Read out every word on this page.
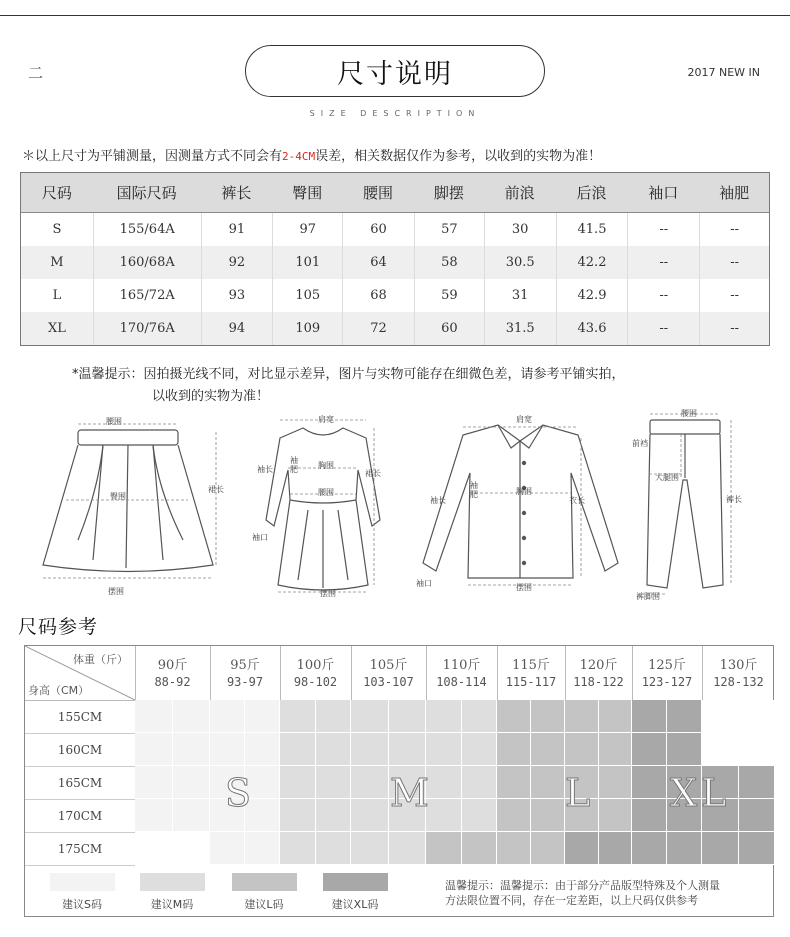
二	尺寸说明	2017 NEW IN
SIZE DESCRIPTION
＊以上尺寸为平铺测量，因测量方式不同会有2-4CM误差，相关数据仅作为参考，以收到的实物为准！
尺码	国际尺码	裤长	臀围	腰围	脚摆	前浪	后浪	袖口	袖肥
S	155/64A	91	97	60	57	30	41.5	--	--
M	160/68A	92	101	64	58	30.5	42.2	--	--
L	165/72A	93	105	68	59	31	42.9	--	--
XL	170/76A	94	109	72	60	31.5	43.6	--	--
*温馨提示：因拍摄光线不同，对比显示差异，图片与实物可能存在细微色差，请参考平铺实拍，
以收到的实物为准！
腰围
臀围
裙长
摆围
肩宽
袖长
袖
肥	胸围
腰围
裙长
袖口
摆围
肩宽
袖长
袖
肥	胸围
衣长
袖口	摆围
腰围
前裆
大腿围
裤长
裤脚围
尺码参考
体重（斤）
身高（CM）
90斤
88-92
95斤
93-97
100斤
98-102
105斤
103-107
110斤
108-114
115斤
115-117
120斤
118-122
125斤
123-127
130斤
128-132
155CM
160CM
165CM
170CM
175CM
S	M	L XL
建议S码	建议M码	建议L码	建议XL码
温馨提示：温馨提示：由于部分产品版型特殊及个人测量
方法限位置不同，存在一定差距，以上尺码仅供参考
